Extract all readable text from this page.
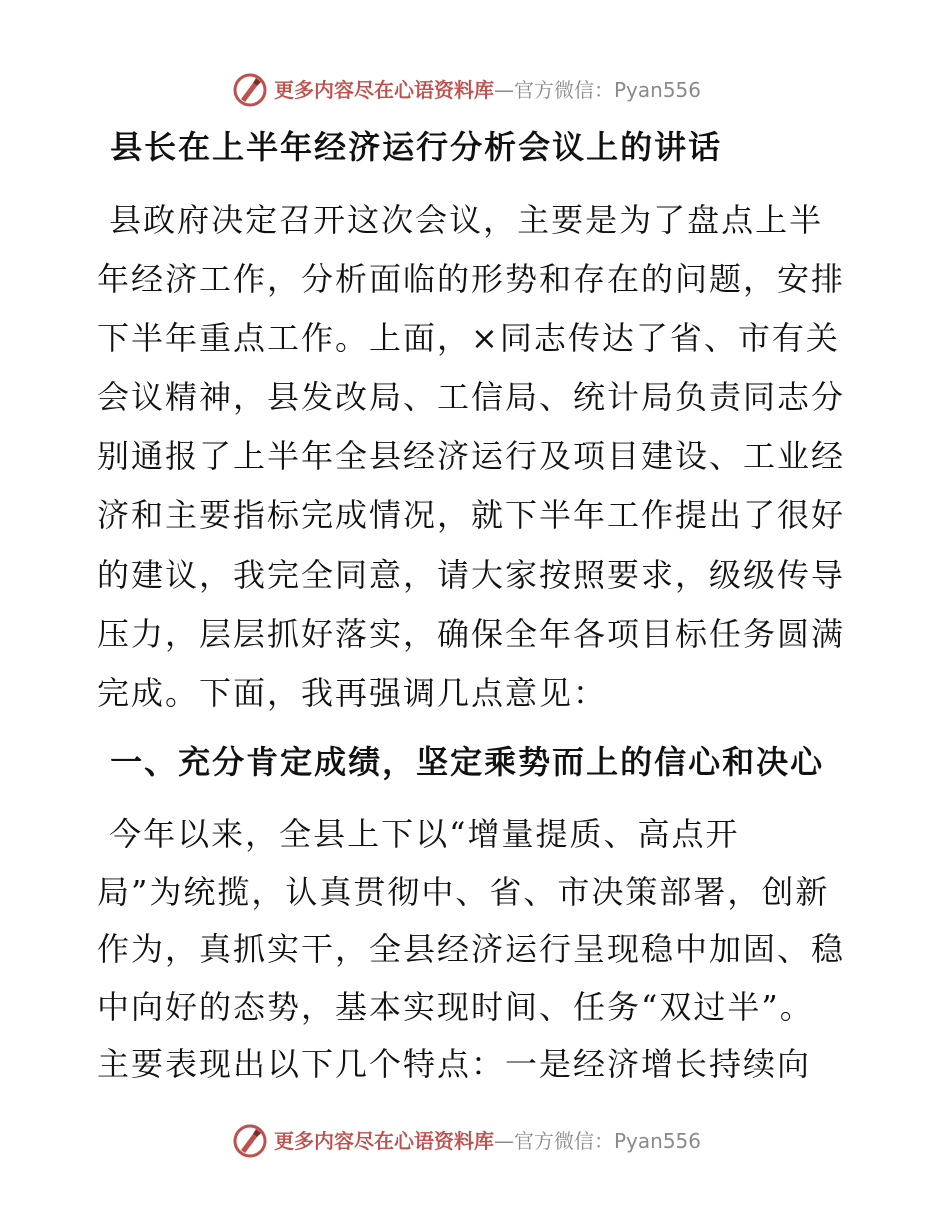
更多内容尽在心语资料库—官方微信：Pyan556
县长在上半年经济运行分析会议上的讲话

县政府决定召开这次会议，主要是为了盘点上半
年经济工作，分析面临的形势和存在的问题，安排
下半年重点工作。上面，×同志传达了省、市有关
会议精神，县发改局、工信局、统计局负责同志分
别通报了上半年全县经济运行及项目建设、工业经
济和主要指标完成情况，就下半年工作提出了很好
的建议，我完全同意，请大家按照要求，级级传导
压力，层层抓好落实，确保全年各项目标任务圆满
完成。下面，我再强调几点意见：

一、充分肯定成绩，坚定乘势而上的信心和决心

今年以来，全县上下以“增量提质、高点开
局”为统揽，认真贯彻中、省、市决策部署，创新
作为，真抓实干，全县经济运行呈现稳中加固、稳
中向好的态势，基本实现时间、任务“双过半”。
主要表现出以下几个特点：一是经济增长持续向

更多内容尽在心语资料库—官方微信：Pyan556
